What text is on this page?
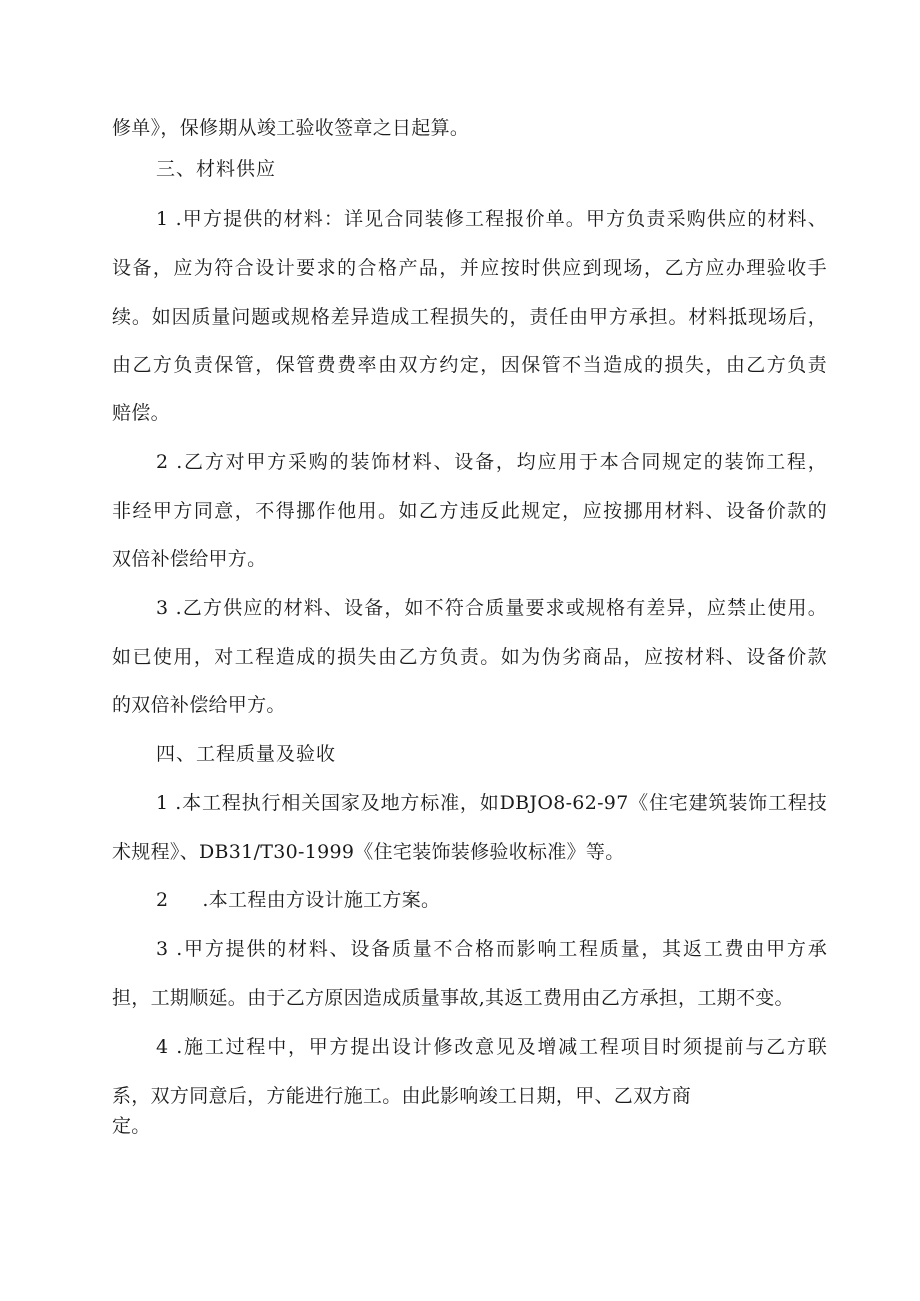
修单》，保修期从竣工验收签章之日起算。
三、材料供应
1 .甲方提供的材料：详见合同装修工程报价单。甲方负责采购供应的材料、
设备，应为符合设计要求的合格产品，并应按时供应到现场，乙方应办理验收手
续。如因质量问题或规格差异造成工程损失的，责任由甲方承担。材料抵现场后，
由乙方负责保管，保管费费率由双方约定，因保管不当造成的损失，由乙方负责
赔偿。
2 .乙方对甲方采购的装饰材料、设备，均应用于本合同规定的装饰工程，
非经甲方同意，不得挪作他用。如乙方违反此规定，应按挪用材料、设备价款的
双倍补偿给甲方。
3 .乙方供应的材料、设备，如不符合质量要求或规格有差异，应禁止使用。
如已使用，对工程造成的损失由乙方负责。如为伪劣商品，应按材料、设备价款
的双倍补偿给甲方。
四、工程质量及验收
1 .本工程执行相关国家及地方标准，如DBJO8-62-97《住宅建筑装饰工程技
术规程》、DB31/T30-1999《住宅装饰装修验收标准》等。
2 .本工程由方设计施工方案。
3 .甲方提供的材料、设备质量不合格而影响工程质量，其返工费由甲方承
担，工期顺延。由于乙方原因造成质量事故,其返工费用由乙方承担，工期不变。
4 .施工过程中，甲方提出设计修改意见及增减工程项目时须提前与乙方联
系，双方同意后，方能进行施工。由此影响竣工日期，甲、乙双方商
定。
